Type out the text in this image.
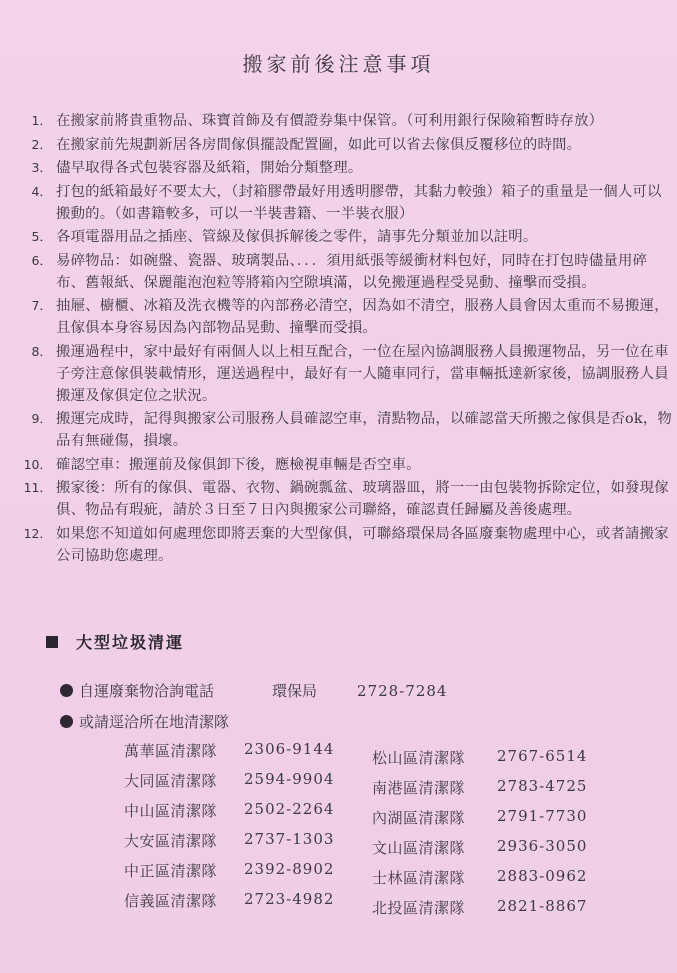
搬家前後注意事項
1． 在搬家前將貴重物品、珠寶首飾及有價證券集中保管。（可利用銀行保險箱暫時存放）
2． 在搬家前先規劃新居各房間傢俱擺設配置圖，如此可以省去傢俱反覆移位的時間。
3． 儘早取得各式包裝容器及紙箱，開始分類整理。
4． 打包的紙箱最好不要太大，（封箱膠帶最好用透明膠帶，其黏力較強）箱子的重量是一個人可以搬動的。（如書籍較多，可以一半裝書籍、一半裝衣服）
5． 各項電器用品之插座、管線及傢俱拆解後之零件，請事先分類並加以註明。
6． 易碎物品：如碗盤、瓷器、玻璃製品、．．．須用紙張等緩衝材料包好，同時在打包時儘量用碎布、舊報紙、保麗龍泡泡粒等將箱內空隙填滿，以免搬運過程受晃動、撞擊而受損。
7． 抽屜、櫥櫃、冰箱及洗衣機等的內部務必清空，因為如不清空，服務人員會因太重而不易搬運，且傢俱本身容易因為內部物品晃動、撞擊而受損。
8． 搬運過程中，家中最好有兩個人以上相互配合，一位在屋內協調服務人員搬運物品，另一位在車子旁注意傢俱裝載情形，運送過程中，最好有一人隨車同行，當車輛抵達新家後，協調服務人員搬運及傢俱定位之狀況。
9． 搬運完成時，記得與搬家公司服務人員確認空車，清點物品，以確認當天所搬之傢俱是否ok，物品有無碰傷，損壞。
10． 確認空車：搬運前及傢俱卸下後，應檢視車輛是否空車。
11． 搬家後：所有的傢俱、電器、衣物、鍋碗瓢盆、玻璃器皿，將一一由包裝物拆除定位，如發現傢俱、物品有瑕疵，請於３日至７日內與搬家公司聯絡，確認責任歸屬及善後處理。
12． 如果您不知道如何處理您即將丟棄的大型傢俱，可聯絡環保局各區廢棄物處理中心，或者請搬家公司協助您處理。
大型垃圾清運
自運廢棄物洽詢電話	環保局	2728-7284
或請逕洽所在地清潔隊
萬華區清潔隊	2306-9144
大同區清潔隊	2594-9904
中山區清潔隊	2502-2264
大安區清潔隊	2737-1303
中正區清潔隊	2392-8902
信義區清潔隊	2723-4982
松山區清潔隊	2767-6514
南港區清潔隊	2783-4725
內湖區清潔隊	2791-7730
文山區清潔隊	2936-3050
士林區清潔隊	2883-0962
北投區清潔隊	2821-8867
